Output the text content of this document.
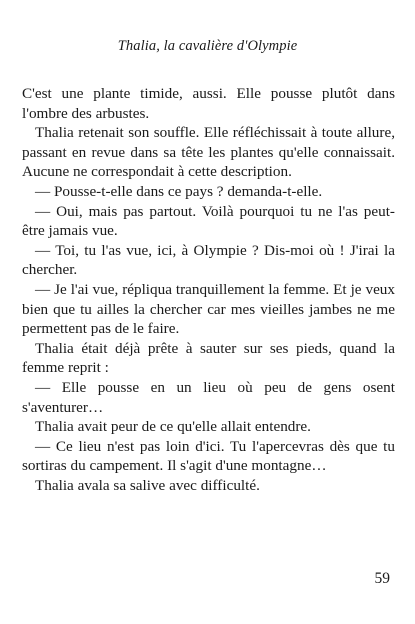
Thalia, la cavalière d'Olympie

C'est une plante timide, aussi. Elle pousse plutôt dans l'ombre des arbustes.

Thalia retenait son souffle. Elle réfléchissait à toute allure, passant en revue dans sa tête les plantes qu'elle connaissait. Aucune ne correspondait à cette description.

— Pousse-t-elle dans ce pays ? demanda-t-elle.

— Oui, mais pas partout. Voilà pourquoi tu ne l'as peut-être jamais vue.

— Toi, tu l'as vue, ici, à Olympie ? Dis-moi où ! J'irai la chercher.

— Je l'ai vue, répliqua tranquillement la femme. Et je veux bien que tu ailles la chercher car mes vieilles jambes ne me permettent pas de le faire.

Thalia était déjà prête à sauter sur ses pieds, quand la femme reprit :

— Elle pousse en un lieu où peu de gens osent s'aventurer…

Thalia avait peur de ce qu'elle allait entendre.

— Ce lieu n'est pas loin d'ici. Tu l'apercevras dès que tu sortiras du campement. Il s'agit d'une montagne…

Thalia avala sa salive avec difficulté.

59
